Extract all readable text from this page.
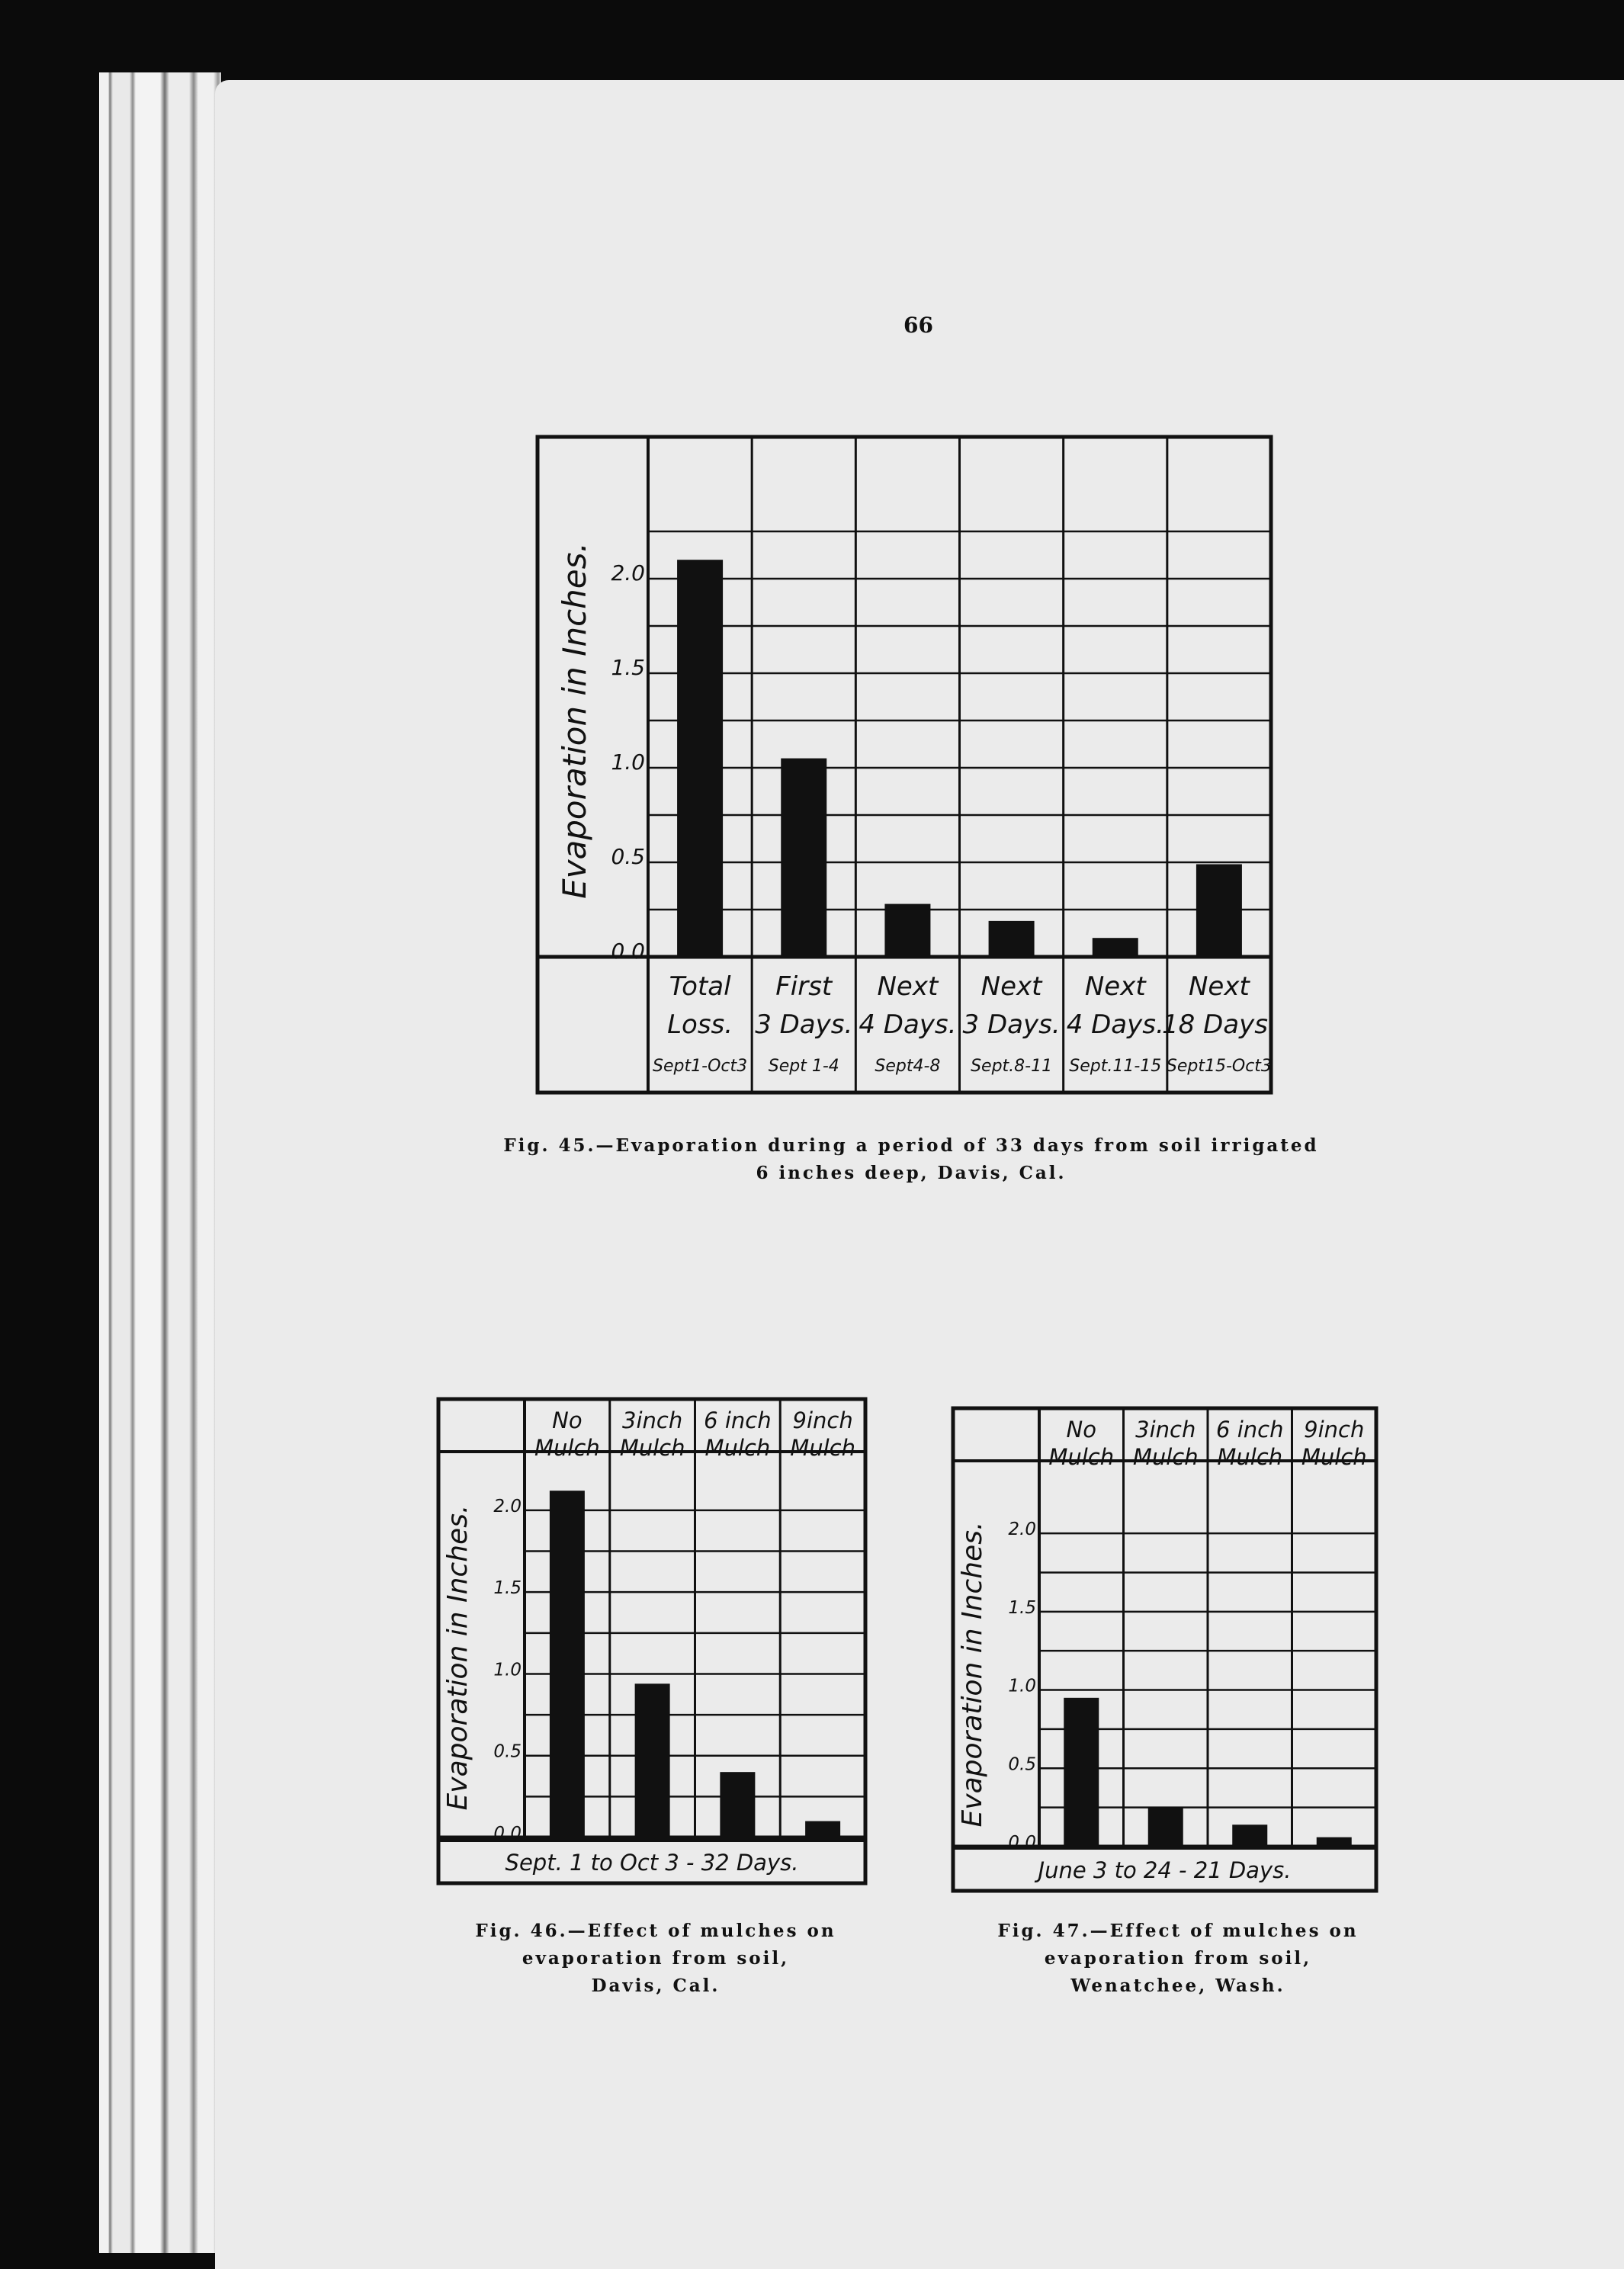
66
0.0
0.5
1.0
1.5
2.0
Evaporation in Inches.
Total
Loss.
Sept1-Oct3
First
3 Days.
Sept 1-4
Next
4 Days.
Sept4-8
Next
3 Days.
Sept.8-11
Next
4 Days.
Sept.11-15
Next
18 Days.
Sept15-Oct3
Fig. 45.—Evaporation during a period of 33 days from soil irrigated
6 inches deep, Davis, Cal.
0.0
0.5
1.0
1.5
2.0
Evaporation in Inches.
No
Mulch
3inch
Mulch
6 inch
Mulch
9inch
Mulch
Sept. 1 to Oct 3 - 32 Days.
Fig. 46.—Effect of mulches on
evaporation from soil,
Davis, Cal.
0.0
0.5
1.0
1.5
2.0
Evaporation in Inches.
No
Mulch
3inch
Mulch
6 inch
Mulch
9inch
Mulch
June 3 to 24 - 21 Days.
Fig. 47.—Effect of mulches on
evaporation from soil,
Wenatchee, Wash.
